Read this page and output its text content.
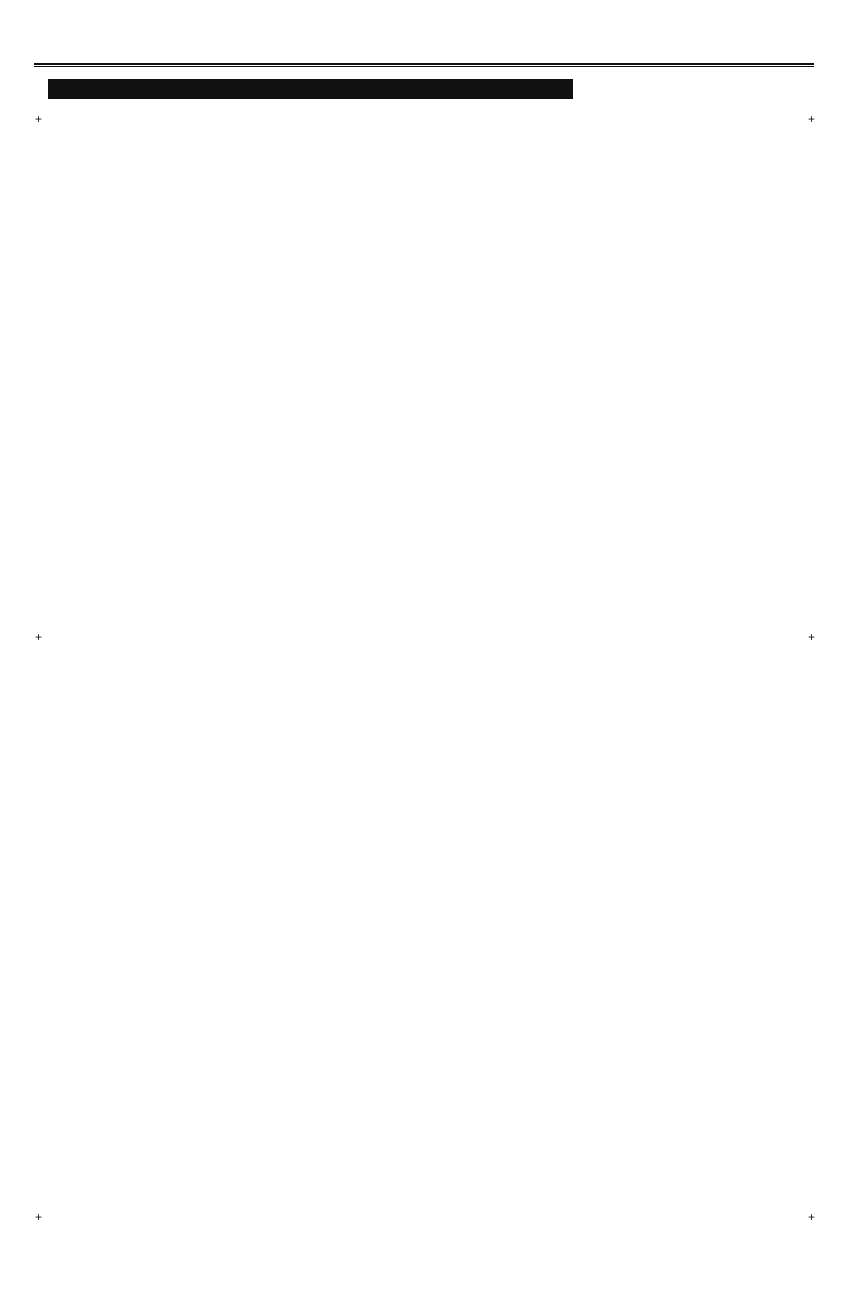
+	+
+	+
+	+
